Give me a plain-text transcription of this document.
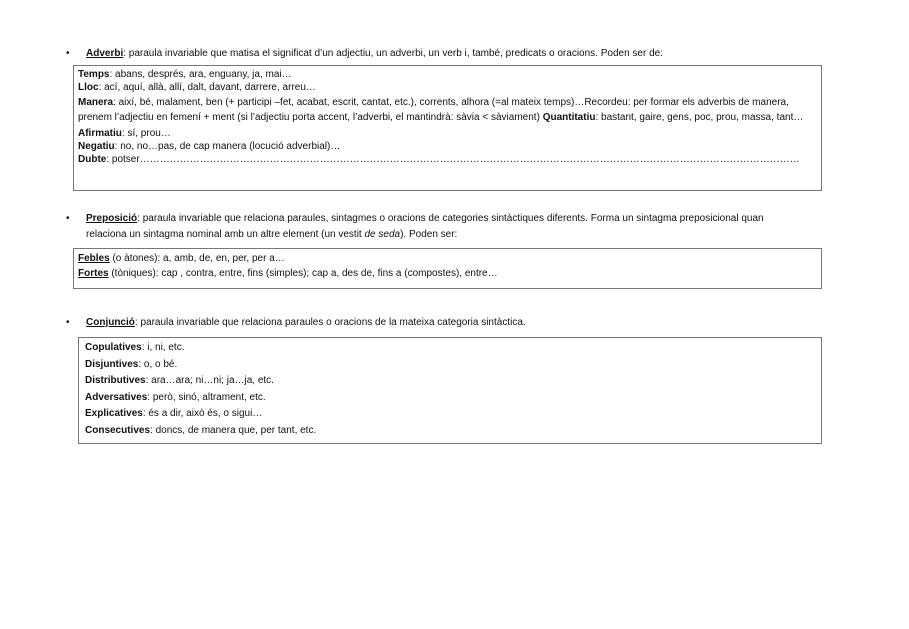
• Adverbi: paraula invariable que matisa el significat d’un adjectiu, un adverbi, un verb i, també, predicats o oracions. Poden ser de:
Temps: abans, després, ara, enguany, ja, mai…
Lloc: ací, aquí, allà, allí, dalt, davant, darrere, arreu…
Manera: així, bé, malament, ben (+ participi –fet, acabat, escrit, cantat, etc.), corrents, alhora (=al mateix temps)…Recordeu: per formar els adverbis de manera, prenem l’adjectiu en femení + ment (si l’adjectiu porta accent, l’adverbi, el mantindrà: sàvia < sàviament) Quantitatiu: bastant, gaire, gens, poc, prou, massa, tant…
Afirmatiu: sí, prou…
Negatiu: no, no…pas, de cap manera (locució adverbial)…
Dubte: potser………………………………………………………………………………………………………………………………………………………………………………
• Preposició: paraula invariable que relaciona paraules, sintagmes o oracions de categories sintàctiques diferents. Forma un sintagma preposicional quan
relaciona un sintagma nominal amb un altre element (un vestit de seda). Poden ser:
Febles (o àtones): a, amb, de, en, per, per a…
Fortes (tòniques): cap , contra, entre, fins (simples); cap a, des de, fins a (compostes), entre…
• Conjunció: paraula invariable que relaciona paraules o oracions de la mateixa categoria sintàctica.
Copulatives: i, ni, etc.
Disjuntives: o, o bé.
Distributives: ara…ara; ni…ni; ja…ja, etc.
Adversatives: però, sinó, altrament, etc.
Explicatives: és a dir, això és, o sigui…
Consecutives: doncs, de manera que, per tant, etc.
